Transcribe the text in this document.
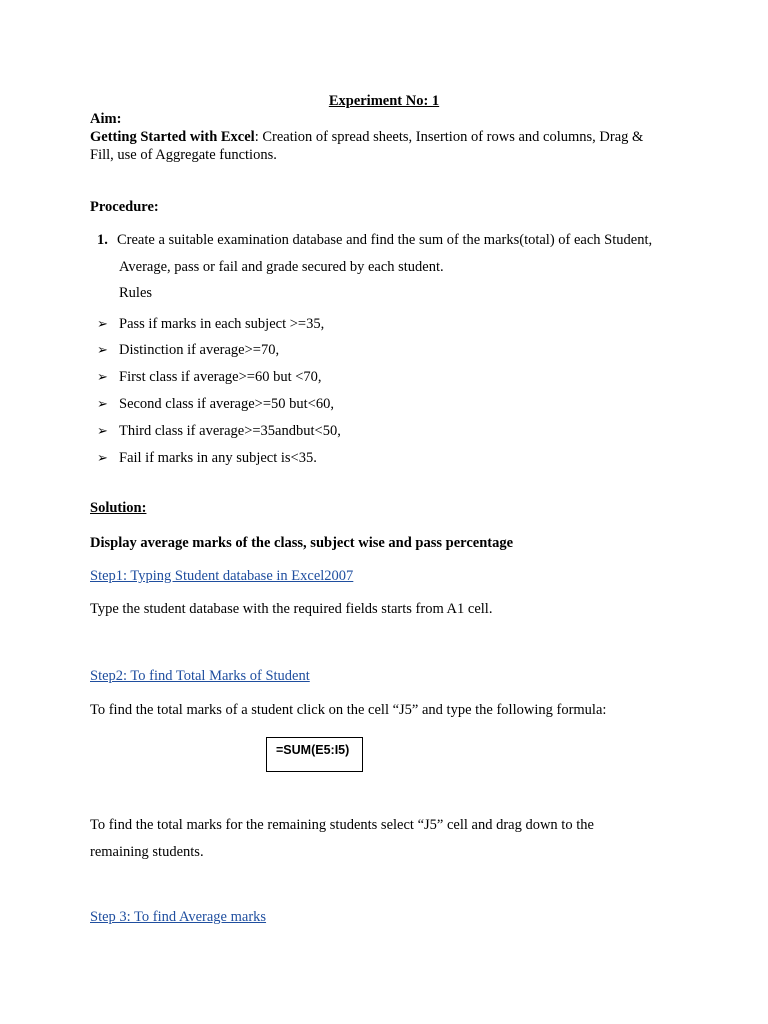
Experiment No: 1
Aim:
Getting Started with Excel: Creation of spread sheets, Insertion of rows and columns, Drag &
Fill, use of Aggregate functions.
Procedure:
1. Create a suitable examination database and find the sum of the marks(total) of each Student,
Average, pass or fail and grade secured by each student.
Rules
➢ Pass if marks in each subject >=35,
➢ Distinction if average>=70,
➢ First class if average>=60 but <70,
➢ Second class if average>=50 but<60,
➢ Third class if average>=35andbut<50,
➢ Fail if marks in any subject is<35.
Solution:
Display average marks of the class, subject wise and pass percentage
Step1: Typing Student database in Excel2007
Type the student database with the required fields starts from A1 cell.
Step2: To find Total Marks of Student
To find the total marks of a student click on the cell “J5” and type the following formula:
=SUM(E5:I5)
To find the total marks for the remaining students select “J5” cell and drag down to the
remaining students.
Step 3: To find Average marks
